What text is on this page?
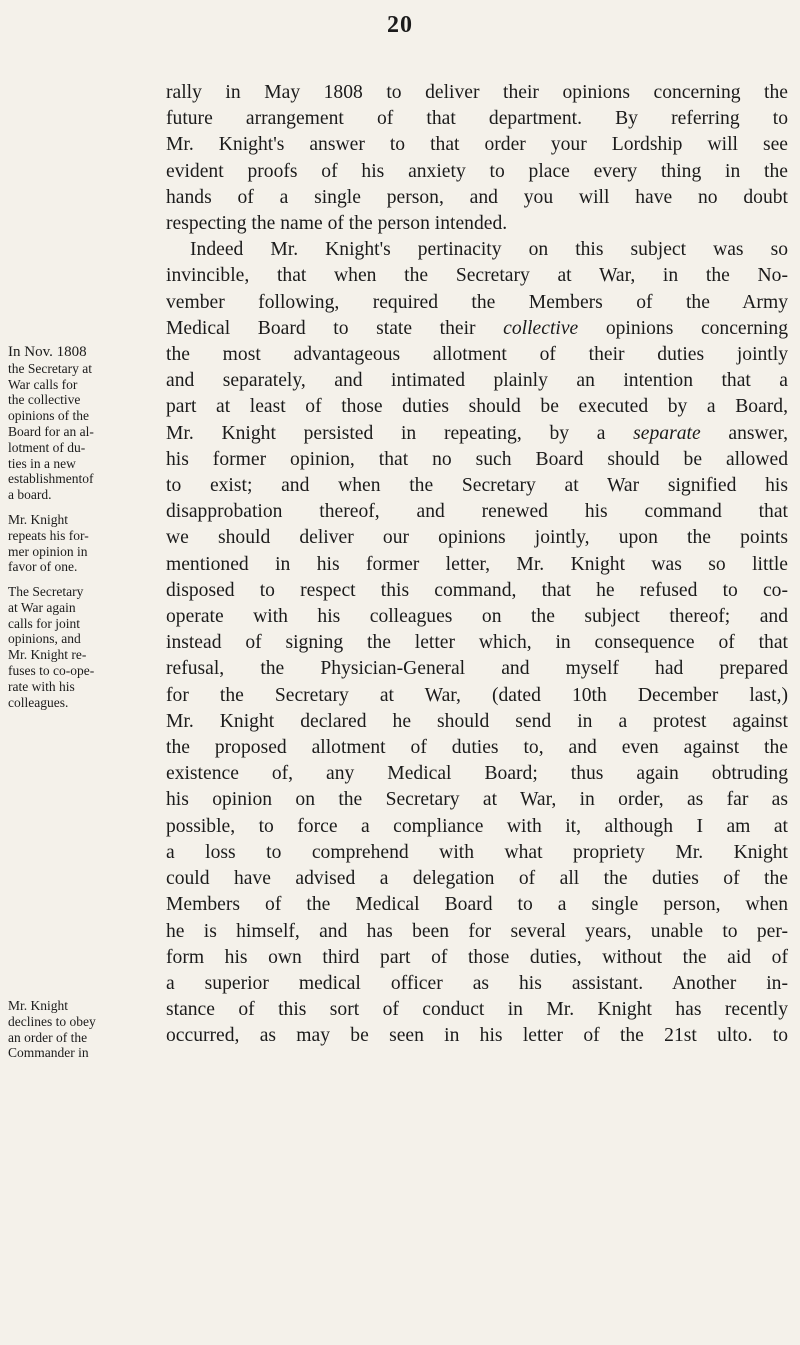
20

In Nov. 1808

the Secretary at

War calls for

the collective

opinions of the

Board for an al-

lotment of du-

ties in a new

establishmentof

a board.

Mr. Knight

repeats his for-

mer opinion in

favor of one.

The Secretary

at War again

calls for joint

opinions, and

Mr. Knight re-

fuses to co-ope-

rate with his

colleagues.

Mr. Knight

declines to obey

an order of the

Commander in

rally in May 1808 to deliver their opinions concerning the
future arrangement of that department. By referring to
Mr. Knight's answer to that order your Lordship will see
evident proofs of his anxiety to place every thing in the
hands of a single person, and you will have no doubt
respecting the name of the person intended.
Indeed Mr. Knight's pertinacity on this subject was so
invincible, that when the Secretary at War, in the No-
vember following, required the Members of the Army
Medical Board to state their collective opinions concerning
the most advantageous allotment of their duties jointly
and separately, and intimated plainly an intention that a
part at least of those duties should be executed by a Board,
Mr. Knight persisted in repeating, by a separate answer,
his former opinion, that no such Board should be allowed
to exist; and when the Secretary at War signified his
disapprobation thereof, and renewed his command that
we should deliver our opinions jointly, upon the points
mentioned in his former letter, Mr. Knight was so little
disposed to respect this command, that he refused to co-
operate with his colleagues on the subject thereof; and
instead of signing the letter which, in consequence of that
refusal, the Physician-General and myself had prepared
for the Secretary at War, (dated 10th December last,)
Mr. Knight declared he should send in a protest against
the proposed allotment of duties to, and even against the
existence of, any Medical Board; thus again obtruding
his opinion on the Secretary at War, in order, as far as
possible, to force a compliance with it, although I am at
a loss to comprehend with what propriety Mr. Knight
could have advised a delegation of all the duties of the
Members of the Medical Board to a single person, when
he is himself, and has been for several years, unable to per-
form his own third part of those duties, without the aid of
a superior medical officer as his assistant. Another in-
stance of this sort of conduct in Mr. Knight has recently
occurred, as may be seen in his letter of the 21st ulto. to
